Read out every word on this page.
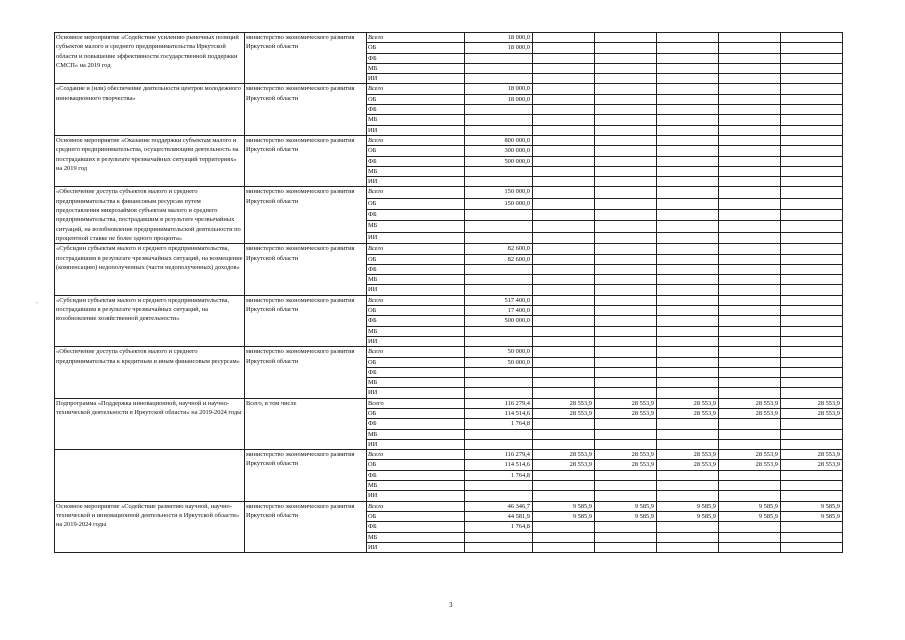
Основное мероприятие «Содействие усилению рыночных позиций субъектов малого и среднего предпринимательства Иркутской области и повышение эффективности государственной поддержки СМСП» на 2019 год	министерство экономического развития Иркутской области	Всего	18 000,0					
		ОБ	18 000,0					
		ФБ						
		МБ						
		ИИ						
«Создание и (или) обеспечение деятельности центров молодежного инновационного творчества»	министерство экономического развития Иркутской области	Всего	18 000,0					
		ОБ	18 000,0					
		ФБ						
		МБ						
		ИИ						
Основное мероприятие «Оказание поддержки субъектам малого и среднего предпринимательства, осуществляющим деятельность на пострадавших в результате чрезвычайных ситуаций территориях» на 2019 год	министерство экономического развития Иркутской области	Всего	800 000,0					
		ОБ	300 000,0					
		ФБ	500 000,0					
		МБ						
		ИИ						
«Обеспечение доступа субъектов малого и среднего предпринимательства к финансовым ресурсам путем предоставления микрозаймов субъектам малого и среднего предпринимательства, пострадавшим в результате чрезвычайных ситуаций, на возобновление предпринимательской деятельности по процентной ставке не более одного процента»	министерство экономического развития Иркутской области	Всего	150 000,0					
		ОБ	150 000,0					
		ФБ						
		МБ						
		ИИ						
«Субсидии субъектам малого и среднего предпринимательства, пострадавшим в результате чрезвычайных ситуаций, на возмещение (компенсацию) недополученных (части недополученных) доходов»	министерство экономического развития Иркутской области	Всего	82 600,0					
		ОБ	82 600,0					
		ФБ						
		МБ						
		ИИ						
«Субсидии субъектам малого и среднего предпринимательства, пострадавшим в результате чрезвычайных ситуаций, на возобновление хозяйственной деятельности»	министерство экономического развития Иркутской области	Всего	517 400,0					
		ОБ	17 400,0					
		ФБ	500 000,0					
		МБ						
		ИИ						
«Обеспечение доступа субъектов малого и среднего предпринимательства к кредитным и иным финансовым ресурсам»	министерство экономического развития Иркутской области	Всего	50 000,0					
		ОБ	50 000,0					
		ФБ						
		МБ						
		ИИ						
Подпрограмма «Поддержка инновационной, научной и научно-технической деятельности в Иркутской области» на 2019-2024 годы	Всего, в том числе	Всего	116 279,4	28 553,9	28 553,9	28 553,9	28 553,9	28 553,9
		ОБ	114 514,6	28 553,9	28 553,9	28 553,9	28 553,9	28 553,9
		ФБ	1 764,8					
		МБ						
		ИИ						
	министерство экономического развития Иркутской области	Всего	116 279,4	28 553,9	28 553,9	28 553,9	28 553,9	28 553,9
		ОБ	114 514,6	28 553,9	28 553,9	28 553,9	28 553,9	28 553,9
		ФБ	1 764,8					
		МБ						
		ИИ						
Основное мероприятие «Содействие развитию научной, научно-технической и инновационной деятельности в Иркутской области» на 2019-2024 годы	министерство экономического развития Иркутской области	Всего	46 346,7	9 585,9	9 585,9	9 585,9	9 585,9	9 585,9
		ОБ	44 581,9	9 585,9	9 585,9	9 585,9	9 585,9	9 585,9
		ФБ	1 764,8					
		МБ						
		ИИ						
.
3
